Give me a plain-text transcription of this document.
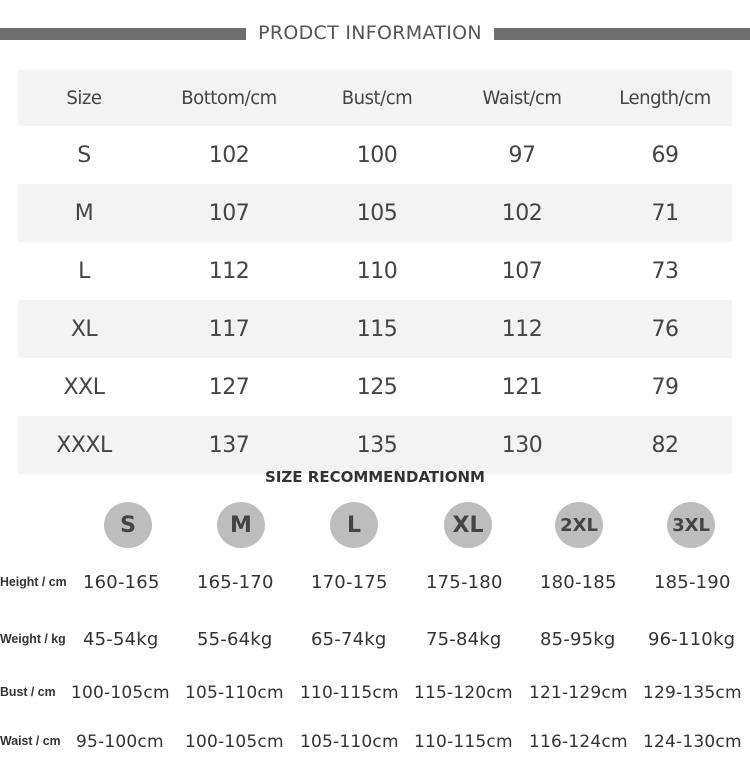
PRODCT INFORMATION
Size	Bottom/cm	Bust/cm	Waist/cm	Length/cm
S	102	100	97	69
M	107	105	102	71
L	112	110	107	73
XL	117	115	112	76
XXL	127	125	121	79
XXXL	137	135	130	82
SIZE RECOMMENDATIONM
S	M	L	XL	2XL	3XL
Height / cm 160-165 165-170 170-175 175-180 180-185 185-190
Weight / kg 45-54kg 55-64kg 65-74kg 75-84kg 85-95kg 96-110kg
Bust / cm 100-105cm 105-110cm 110-115cm 115-120cm 121-129cm 129-135cm
Waist / cm 95-100cm 100-105cm 105-110cm 110-115cm 116-124cm 124-130cm
